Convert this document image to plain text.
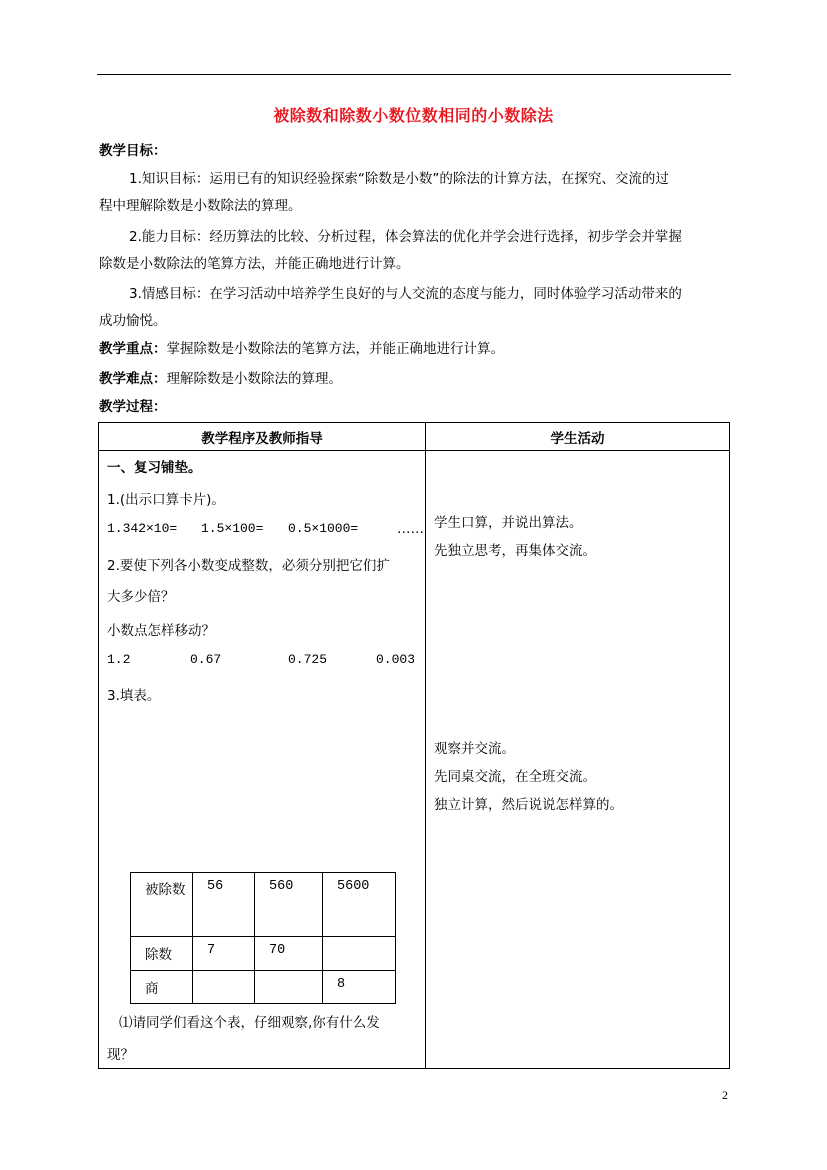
被除数和除数小数位数相同的小数除法
教学目标：
1.知识目标：运用已有的知识经验探索“除数是小数”的除法的计算方法，在探究、交流的过
程中理解除数是小数除法的算理。
2.能力目标：经历算法的比较、分析过程，体会算法的优化并学会进行选择，初步学会并掌握
除数是小数除法的笔算方法，并能正确地进行计算。
3.情感目标：在学习活动中培养学生良好的与人交流的态度与能力，同时体验学习活动带来的
成功愉悦。
教学重点：掌握除数是小数除法的笔算方法，并能正确地进行计算。
教学难点：理解除数是小数除法的算理。
教学过程：
教学程序及教师指导	学生活动
一、复习铺垫。
1.(出示口算卡片)。
1.342×10= 1.5×100= 0.5×1000=	……
2.要使下列各小数变成整数，必须分别把它们扩
大多少倍？
小数点怎样移动？
1.2	0.67	0.725	0.003
3.填表。
被除数	56	560	5600
除数	7	70	
商			8
⑴请同学们看这个表，仔细观察,你有什么发
现？
学生口算，并说出算法。
先独立思考，再集体交流。
观察并交流。
先同桌交流，在全班交流。
独立计算，然后说说怎样算的。
2
